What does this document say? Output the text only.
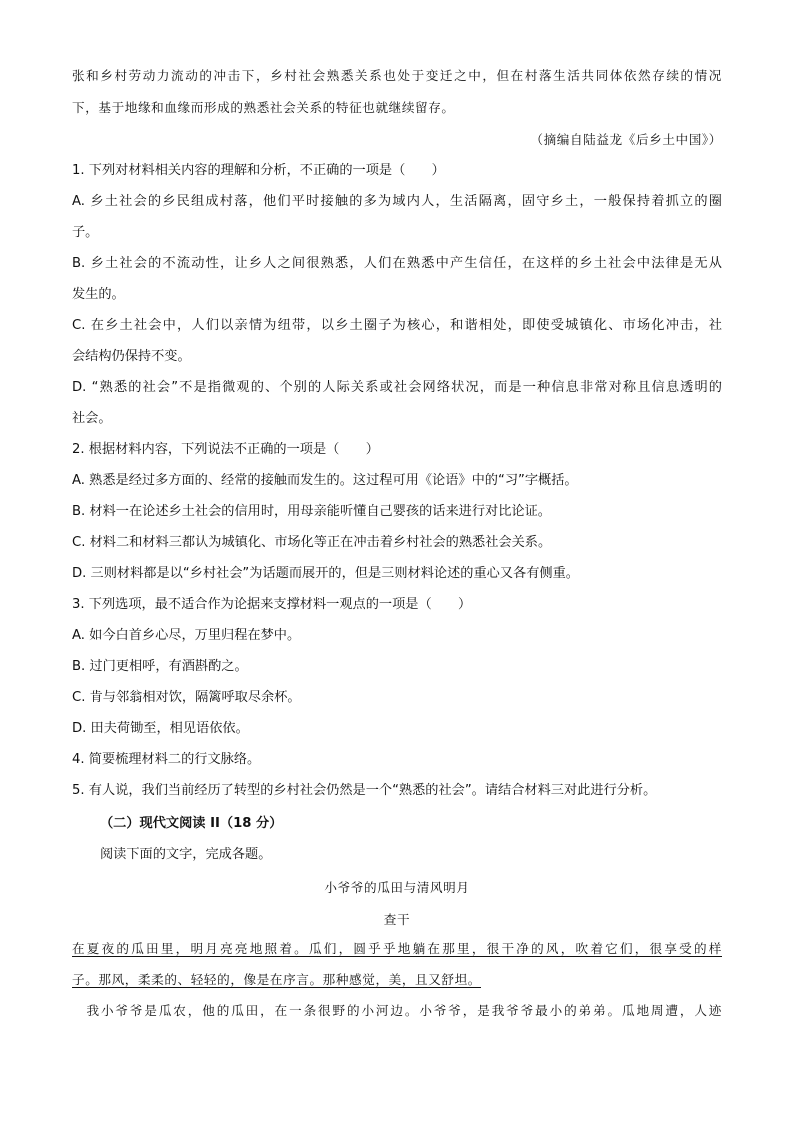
张和乡村劳动力流动的冲击下，乡村社会熟悉关系也处于变迁之中，但在村落生活共同体依然存续的情况
下，基于地缘和血缘而形成的熟悉社会关系的特征也就继续留存。
（摘编自陆益龙《后乡土中国》）
1. 下列对材料相关内容的理解和分析，不正确的一项是（　　）
A. 乡土社会的乡民组成村落，他们平时接触的多为域内人，生活隔离，固守乡土，一般保持着抓立的圈
子。
B. 乡土社会的不流动性，让乡人之间很熟悉，人们在熟悉中产生信任，在这样的乡土社会中法律是无从
发生的。
C. 在乡土社会中，人们以亲情为纽带，以乡土圈子为核心，和谐相处，即使受城镇化、市场化冲击，社
会结构仍保持不变。
D. “熟悉的社会”不是指微观的、个别的人际关系或社会网络状况，而是一种信息非常对称且信息透明的
社会。
2. 根据材料内容，下列说法不正确的一项是（　　）
A. 熟悉是经过多方面的、经常的接触而发生的。这过程可用《论语》中的“习”字概括。
B. 材料一在论述乡土社会的信用时，用母亲能听懂自己婴孩的话来进行对比论证。
C. 材料二和材料三都认为城镇化、市场化等正在冲击着乡村社会的熟悉社会关系。
D. 三则材料都是以“乡村社会”为话题而展开的，但是三则材料论述的重心又各有侧重。
3. 下列选项，最不适合作为论据来支撑材料一观点的一项是（　　）
A. 如今白首乡心尽，万里归程在梦中。
B. 过门更相呼，有酒斟酌之。
C. 肯与邻翁相对饮，隔篱呼取尽余杯。
D. 田夫荷锄至，相见语依依。
4. 简要梳理材料二的行文脉络。
5. 有人说，我们当前经历了转型的乡村社会仍然是一个“熟悉的社会”。请结合材料三对此进行分析。
（二）现代文阅读 II（18 分）
阅读下面的文字，完成各题。
小爷爷的瓜田与清风明月
查干
在夏夜的瓜田里，明月亮亮地照着。瓜们，圆乎乎地躺在那里，很干净的风，吹着它们，很享受的样
子。那风，柔柔的、轻轻的，像是在序言。那种感觉，美，且又舒坦。
　我小爷爷是瓜农，他的瓜田，在一条很野的小河边。小爷爷，是我爷爷最小的弟弟。瓜地周遭，人迹
